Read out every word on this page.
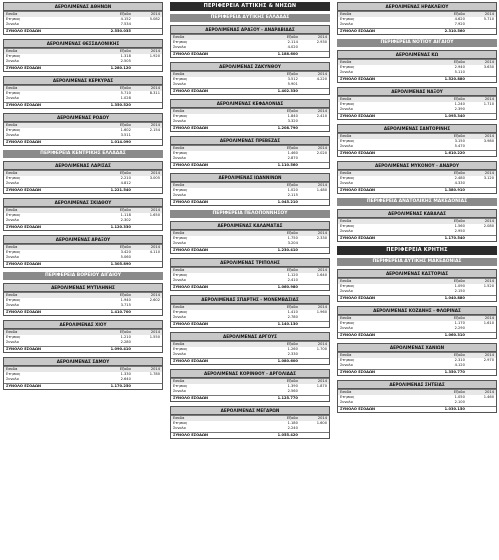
ΑΕΡΟΛΙΜΕΝΑΣ ΑΘΗΝΩΝ
Εσοδα	Εξοδα	2014
Ετησιος	4.152	5.082
Συνολο	7.534	
ΣΥΝΟΛΟ ΕΣΟΔΩΝ	2.550.035	
ΑΕΡΟΛΙΜΕΝΑΣ ΘΕΣΣΑΛΟΝΙΚΗΣ
Εσοδα	Εξοδα	2014
Ετησιος	1.318	1.920
Συνολο	2.505	
ΣΥΝΟΛΟ ΕΣΟΔΩΝ	1.280.120	
ΑΕΡΟΛΙΜΕΝΑΣ ΚΕΡΚΥΡΑΣ
Εσοδα	Εξοδα	2014
Ετησιος	5.710	8.311
Συνολο	1.028	
ΣΥΝΟΛΟ ΕΣΟΔΩΝ	1.350.520	
ΑΕΡΟΛΙΜΕΝΑΣ ΡΟΔΟΥ
Εσοδα	Εξοδα	2014
Ετησιος	1.602	2.154
Συνολο	3.511	
ΣΥΝΟΛΟ ΕΣΟΔΩΝ	1.014.090	
ΠΕΡΙΦΕΡΕΙΑ ΚΕΝΤΡΙΚΗΣ ΕΛΛΑΔΑΣ
ΑΕΡΟΛΙΜΕΝΑΣ ΛΑΡΙΣΑΣ
Εσοδα	Εξοδα	2014
Ετησιος	2.210	3.005
Συνολο	4.812	
ΣΥΝΟΛΟ ΕΣΟΔΩΝ	1.221.540	
ΑΕΡΟΛΙΜΕΝΑΣ ΣΚΙΑΘΟΥ
Εσοδα	Εξοδα	2014
Ετησιος	1.118	1.650
Συνολο	2.302	
ΣΥΝΟΛΟ ΕΣΟΔΩΝ	1.120.330	
ΑΕΡΟΛΙΜΕΝΑΣ ΑΡΑΞΟΥ
Εσοδα	Εξοδα	2014
Ετησιος	3.420	4.110
Συνολο	5.060	
ΣΥΝΟΛΟ ΕΣΟΔΩΝ	1.305.890	
ΠΕΡΙΦΕΡΕΙΑ ΒΟΡΕΙΟΥ ΑΙΓΑΙΟΥ
ΑΕΡΟΛΙΜΕΝΑΣ ΜΥΤΙΛΗΝΗΣ
Εσοδα	Εξοδα	2014
Ετησιος	1.940	2.602
Συνολο	3.715	
ΣΥΝΟΛΟ ΕΣΟΔΩΝ	1.410.700	
ΑΕΡΟΛΙΜΕΝΑΣ ΧΙΟΥ
Εσοδα	Εξοδα	2014
Ετησιος	1.210	1.550
Συνολο	2.280	
ΣΥΝΟΛΟ ΕΣΟΔΩΝ	1.090.410	
ΑΕΡΟΛΙΜΕΝΑΣ ΣΑΜΟΥ
Εσοδα	Εξοδα	2014
Ετησιος	1.330	1.780
Συνολο	2.640	
ΣΥΝΟΛΟ ΕΣΟΔΩΝ	1.170.250	
ΠΕΡΙΦΕΡΕΙΑ ΑΤΤΙΚΗΣ & ΝΗΣΩΝ
ΠΕΡΙΦΕΡΕΙΑ ΔΥΤΙΚΗΣ ΕΛΛΑΔΑΣ
ΑΕΡΟΛΙΜΕΝΑΣ ΑΡΑΞΟΥ - ΑΝΔΡΑΒΙΔΑΣ
Εσοδα	Εξοδα	2014
Ετησιος	2.114	2.930
Συνολο	4.020	
ΣΥΝΟΛΟ ΕΣΟΔΩΝ	1.188.600	
ΑΕΡΟΛΙΜΕΝΑΣ ΖΑΚΥΝΘΟΥ
Εσοδα	Εξοδα	2014
Ετησιος	3.512	4.220
Συνολο	5.901	
ΣΥΝΟΛΟ ΕΣΟΔΩΝ	1.402.330	
ΑΕΡΟΛΙΜΕΝΑΣ ΚΕΦΑΛΟΝΙΑΣ
Εσοδα	Εξοδα	2014
Ετησιος	1.840	2.410
Συνολο	3.320	
ΣΥΝΟΛΟ ΕΣΟΔΩΝ	1.208.790	
ΑΕΡΟΛΙΜΕΝΑΣ ΠΡΕΒΕΖΑΣ
Εσοδα	Εξοδα	2014
Ετησιος	1.460	2.020
Συνολο	2.870	
ΣΥΝΟΛΟ ΕΣΟΔΩΝ	1.110.560	
ΑΕΡΟΛΙΜΕΝΑΣ ΙΩΑΝΝΙΝΩΝ
Εσοδα	Εξοδα	2014
Ετησιος	1.020	1.480
Συνολο	2.115	
ΣΥΝΟΛΟ ΕΣΟΔΩΝ	1.045.210	
ΠΕΡΙΦΕΡΕΙΑ ΠΕΛΟΠΟΝΝΗΣΟΥ
ΑΕΡΟΛΙΜΕΝΑΣ ΚΑΛΑΜΑΤΑΣ
Εσοδα	Εξοδα	2014
Ετησιος	1.750	2.330
Συνολο	3.204	
ΣΥΝΟΛΟ ΕΣΟΔΩΝ	1.230.410	
ΑΕΡΟΛΙΜΕΝΑΣ ΤΡΙΠΟΛΗΣ
Εσοδα	Εξοδα	2014
Ετησιος	1.120	1.640
Συνολο	2.410	
ΣΥΝΟΛΟ ΕΣΟΔΩΝ	1.060.980	
ΑΕΡΟΛΙΜΕΝΑΣ ΣΠΑΡΤΗΣ - ΜΟΝΕΜΒΑΣΙΑΣ
Εσοδα	Εξοδα	2014
Ετησιος	1.410	1.960
Συνολο	2.780	
ΣΥΝΟΛΟ ΕΣΟΔΩΝ	1.140.130	
ΑΕΡΟΛΙΜΕΝΑΣ ΑΡΓΟΥΣ
Εσοδα	Εξοδα	2014
Ετησιος	1.260	1.700
Συνολο	2.330	
ΣΥΝΟΛΟ ΕΣΟΔΩΝ	1.080.600	
ΑΕΡΟΛΙΜΕΝΑΣ ΚΟΡΙΝΘΟΥ - ΑΡΓΟΛΙΔΑΣ
Εσοδα	Εξοδα	2014
Ετησιος	1.390	1.870
Συνολο	2.560	
ΣΥΝΟΛΟ ΕΣΟΔΩΝ	1.125.770	
ΑΕΡΟΛΙΜΕΝΑΣ ΜΕΓΑΡΩΝ
Εσοδα	Εξοδα	2014
Ετησιος	1.180	1.600
Συνολο	2.240	
ΣΥΝΟΛΟ ΕΣΟΔΩΝ	1.055.420	
ΑΕΡΟΛΙΜΕΝΑΣ ΗΡΑΚΛΕΙΟΥ
Εσοδα	Εξοδα	2014
Ετησιος	4.620	5.710
Συνολο	7.920	
ΣΥΝΟΛΟ ΕΣΟΔΩΝ	2.310.560	
ΠΕΡΙΦΕΡΕΙΑ ΝΟΤΙΟΥ ΑΙΓΑΙΟΥ
ΑΕΡΟΛΙΜΕΝΑΣ ΚΩ
Εσοδα	Εξοδα	2014
Ετησιος	2.940	3.630
Συνολο	5.110	
ΣΥΝΟΛΟ ΕΣΟΔΩΝ	1.520.880	
ΑΕΡΟΛΙΜΕΝΑΣ ΝΑΞΟΥ
Εσοδα	Εξοδα	2014
Ετησιος	1.240	1.710
Συνολο	2.390	
ΣΥΝΟΛΟ ΕΣΟΔΩΝ	1.095.340	
ΑΕΡΟΛΙΜΕΝΑΣ ΣΑΝΤΟΡΙΝΗΣ
Εσοδα	Εξοδα	2014
Ετησιος	3.150	3.980
Συνολο	5.470	
ΣΥΝΟΛΟ ΕΣΟΔΩΝ	1.610.220	
ΑΕΡΟΛΙΜΕΝΑΣ ΜΥΚΟΝΟΥ - ΑΝΔΡΟΥ
Εσοδα	Εξοδα	2014
Ετησιος	2.480	3.120
Συνολο	4.330	
ΣΥΝΟΛΟ ΕΣΟΔΩΝ	1.380.910	
ΠΕΡΙΦΕΡΕΙΑ ΑΝΑΤΟΛΙΚΗΣ ΜΑΚΕΔΟΝΙΑΣ
ΑΕΡΟΛΙΜΕΝΑΣ ΚΑΒΑΛΑΣ
Εσοδα	Εξοδα	2014
Ετησιος	1.560	2.080
Συνολο	2.950	
ΣΥΝΟΛΟ ΕΣΟΔΩΝ	1.170.540	
ΠΕΡΙΦΕΡΕΙΑ ΚΡΗΤΗΣ
ΠΕΡΙΦΕΡΕΙΑ ΔΥΤΙΚΗΣ ΜΑΚΕΔΟΝΙΑΣ
ΑΕΡΟΛΙΜΕΝΑΣ ΚΑΣΤΟΡΙΑΣ
Εσοδα	Εξοδα	2014
Ετησιος	1.090	1.520
Συνολο	2.150	
ΣΥΝΟΛΟ ΕΣΟΔΩΝ	1.040.880	
ΑΕΡΟΛΙΜΕΝΑΣ ΚΟΖΑΝΗΣ - ΦΛΩΡΙΝΑΣ
Εσοδα	Εξοδα	2014
Ετησιος	1.170	1.610
Συνολο	2.290	
ΣΥΝΟΛΟ ΕΣΟΔΩΝ	1.060.310	
ΑΕΡΟΛΙΜΕΝΑΣ ΧΑΝΙΩΝ
Εσοδα	Εξοδα	2014
Ετησιος	2.310	2.970
Συνολο	4.120	
ΣΥΝΟΛΟ ΕΣΟΔΩΝ	1.350.770	
ΑΕΡΟΛΙΜΕΝΑΣ ΣΗΤΕΙΑΣ
Εσοδα	Εξοδα	2014
Ετησιος	1.050	1.460
Συνολο	2.100	
ΣΥΝΟΛΟ ΕΣΟΔΩΝ	1.030.150	
